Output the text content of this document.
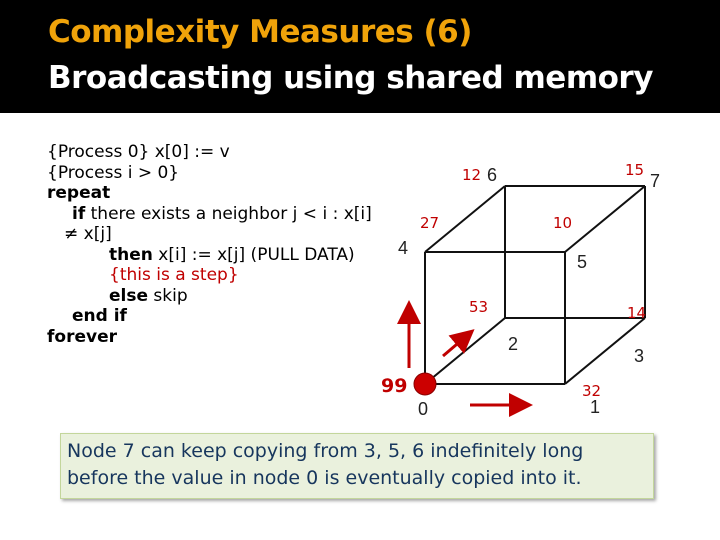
Complexity Measures (6)
Broadcasting using shared memory
{Process 0} x[0] := v
{Process i > 0}
repeat
if there exists a neighbor j < i : x[i]
≠ x[j]
then x[i] := x[j] (PULL DATA)
{this is a step}
else skip
end if
forever
0	1
2
3
4
5
6	7
99	32
53	14
27	10
12	15
Node 7 can keep copying from 3, 5, 6 indefinitely long
before the value in node 0 is eventually copied into it.
